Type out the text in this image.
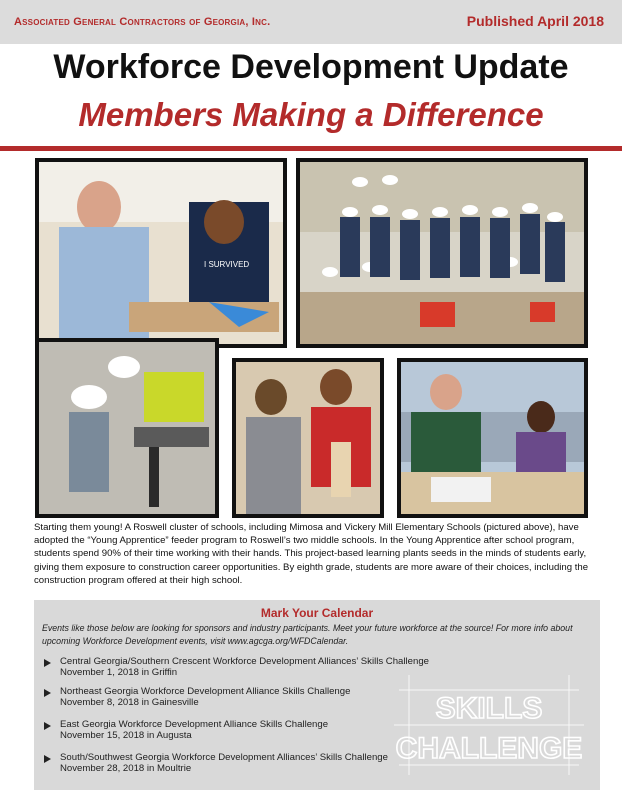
Associated General Contractors of Georgia, Inc.	Published April 2018
Workforce Development Update
Members Making a Difference
I SURVIVED
Starting them young! A Roswell cluster of schools, including Mimosa and Vickery Mill Elementary Schools (pictured above), have adopted the “Young Apprentice” feeder program to Roswell’s two middle schools. In the Young Apprentice after school program, students spend 90% of their time working with their hands. This project-based learning plants seeds in the minds of students early, giving them exposure to construction career opportunities. By eighth grade, students are more aware of their choices, including the construction program offered at their high school.
Mark Your Calendar
Events like those below are looking for sponsors and industry participants. Meet your future workforce at the source! For more info about upcoming Workforce Development events, visit www.agcga.org/WFDCalendar.
Central Georgia/Southern Crescent Workforce Development Alliances’ Skills Challenge
November 1, 2018 in Griffin
Northeast Georgia Workforce Development Alliance Skills Challenge
November 8, 2018 in Gainesville
East Georgia Workforce Development Alliance Skills Challenge
November 15, 2018 in Augusta
South/Southwest Georgia Workforce Development Alliances’ Skills Challenge
November 28, 2018 in Moultrie
SKILLS
CHALLENGE
